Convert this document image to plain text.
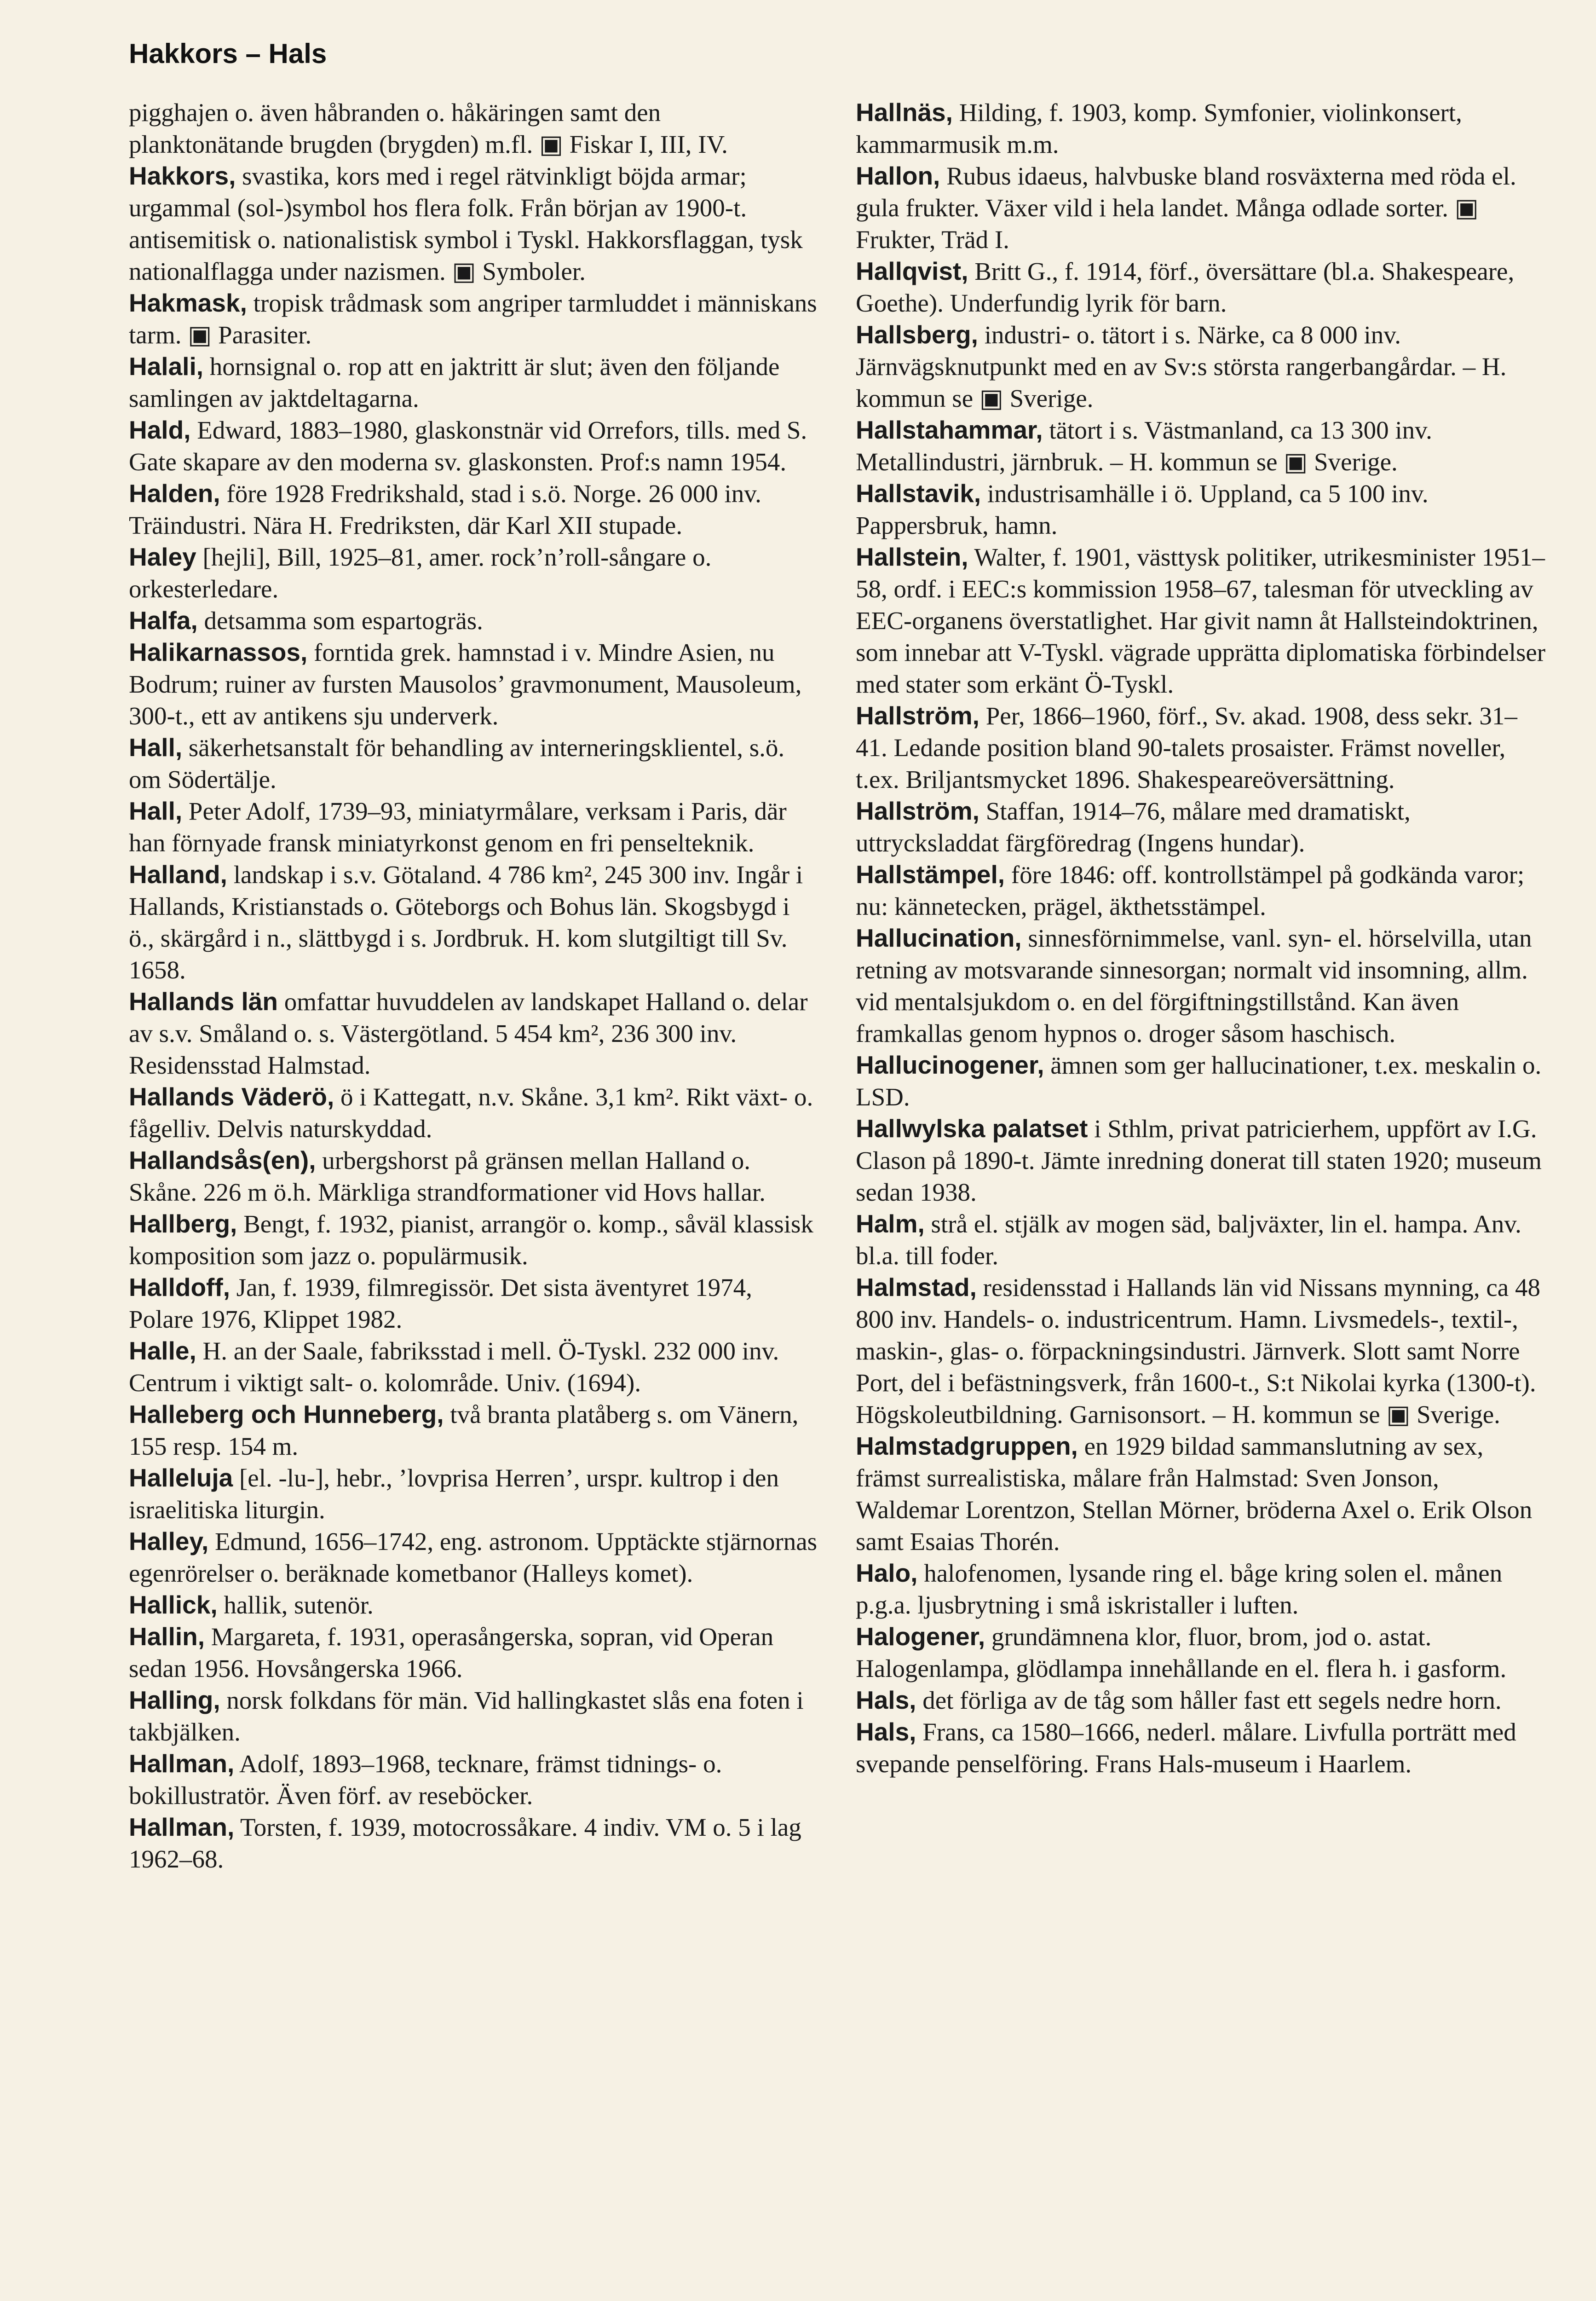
Hakkors – Hals

pigghajen o. även håbranden o. håkäringen samt den planktonätande brugden (brygden) m.fl. ▣ Fiskar I, III, IV.

Hakkors, svastika, kors med i regel rätvinkligt böjda armar; urgammal (sol-)symbol hos flera folk. Från början av 1900-t. antisemitisk o. nationalistisk symbol i Tyskl. Hakkorsflaggan, tysk nationalflagga under nazismen. ▣ Symboler.

Hakmask, tropisk trådmask som angriper tarmluddet i människans tarm. ▣ Parasiter.

Halali, hornsignal o. rop att en jaktritt är slut; även den följande samlingen av jaktdeltagarna.

Hald, Edward, 1883–1980, glaskonstnär vid Orrefors, tills. med S. Gate skapare av den moderna sv. glaskonsten. Prof:s namn 1954.

Halden, före 1928 Fredrikshald, stad i s.ö. Norge. 26 000 inv. Träindustri. Nära H. Fredriksten, där Karl XII stupade.

Haley [hejli], Bill, 1925–81, amer. rock’n’roll-sångare o. orkesterledare.

Halfa, detsamma som espartogräs.

Halikarnassos, forntida grek. hamnstad i v. Mindre Asien, nu Bodrum; ruiner av fursten Mausolos’ gravmonument, Mausoleum, 300-t., ett av antikens sju underverk.

Hall, säkerhetsanstalt för behandling av interneringsklientel, s.ö. om Södertälje.

Hall, Peter Adolf, 1739–93, miniatyrmålare, verksam i Paris, där han förnyade fransk miniatyrkonst genom en fri penselteknik.

Halland, landskap i s.v. Götaland. 4 786 km², 245 300 inv. Ingår i Hallands, Kristianstads o. Göteborgs och Bohus län. Skogsbygd i ö., skärgård i n., slättbygd i s. Jordbruk. H. kom slutgiltigt till Sv. 1658.

Hallands län omfattar huvuddelen av landskapet Halland o. delar av s.v. Småland o. s. Västergötland. 5 454 km², 236 300 inv. Residensstad Halmstad.

Hallands Väderö, ö i Kattegatt, n.v. Skåne. 3,1 km². Rikt växt- o. fågelliv. Delvis naturskyddad.

Hallandsås(en), urbergshorst på gränsen mellan Halland o. Skåne. 226 m ö.h. Märkliga strandformationer vid Hovs hallar.

Hallberg, Bengt, f. 1932, pianist, arrangör o. komp., såväl klassisk komposition som jazz o. populärmusik.

Halldoff, Jan, f. 1939, filmregissör. Det sista äventyret 1974, Polare 1976, Klippet 1982.

Halle, H. an der Saale, fabriksstad i mell. Ö-Tyskl. 232 000 inv. Centrum i viktigt salt- o. kolområde. Univ. (1694).

Halleberg och Hunneberg, två branta platåberg s. om Vänern, 155 resp. 154 m.

Halleluja [el. -lu-], hebr., ’lovprisa Herren’, urspr. kultrop i den israelitiska liturgin.

Halley, Edmund, 1656–1742, eng. astronom. Upptäckte stjärnornas egenrörelser o. beräknade kometbanor (Halleys komet).

Hallick, hallik, sutenör.

Hallin, Margareta, f. 1931, operasångerska, sopran, vid Operan sedan 1956. Hovsångerska 1966.

Halling, norsk folkdans för män. Vid hallingkastet slås ena foten i takbjälken.

Hallman, Adolf, 1893–1968, tecknare, främst tidnings- o. bokillustratör. Även förf. av reseböcker.

Hallman, Torsten, f. 1939, motocrossåkare. 4 indiv. VM o. 5 i lag 1962–68.

Hallnäs, Hilding, f. 1903, komp. Symfonier, violinkonsert, kammarmusik m.m.

Hallon, Rubus idaeus, halvbuske bland rosväxterna med röda el. gula frukter. Växer vild i hela landet. Många odlade sorter. ▣ Frukter, Träd I.

Hallqvist, Britt G., f. 1914, förf., översättare (bl.a. Shakespeare, Goethe). Underfundig lyrik för barn.

Hallsberg, industri- o. tätort i s. Närke, ca 8 000 inv. Järnvägsknutpunkt med en av Sv:s största rangerbangårdar. – H. kommun se ▣ Sverige.

Hallstahammar, tätort i s. Västmanland, ca 13 300 inv. Metallindustri, järnbruk. – H. kommun se ▣ Sverige.

Hallstavik, industrisamhälle i ö. Uppland, ca 5 100 inv. Pappersbruk, hamn.

Hallstein, Walter, f. 1901, västtysk politiker, utrikesminister 1951–58, ordf. i EEC:s kommission 1958–67, talesman för utveckling av EEC-organens överstatlighet. Har givit namn åt Hallsteindoktrinen, som innebar att V-Tyskl. vägrade upprätta diplomatiska förbindelser med stater som erkänt Ö-Tyskl.

Hallström, Per, 1866–1960, förf., Sv. akad. 1908, dess sekr. 31–41. Ledande position bland 90-talets prosaister. Främst noveller, t.ex. Briljantsmycket 1896. Shakespeareöversättning.

Hallström, Staffan, 1914–76, målare med dramatiskt, uttrycksladdat färgföredrag (Ingens hundar).

Hallstämpel, före 1846: off. kontrollstämpel på godkända varor; nu: kännetecken, prägel, äkthetsstämpel.

Hallucination, sinnesförnimmelse, vanl. syn- el. hörselvilla, utan retning av motsvarande sinnesorgan; normalt vid insomning, allm. vid mentalsjukdom o. en del förgiftningstillstånd. Kan även framkallas genom hypnos o. droger såsom haschisch.

Hallucinogener, ämnen som ger hallucinationer, t.ex. meskalin o. LSD.

Hallwylska palatset i Sthlm, privat patricierhem, uppfört av I.G. Clason på 1890-t. Jämte inredning donerat till staten 1920; museum sedan 1938.

Halm, strå el. stjälk av mogen säd, baljväxter, lin el. hampa. Anv. bl.a. till foder.

Halmstad, residensstad i Hallands län vid Nissans mynning, ca 48 800 inv. Handels- o. industricentrum. Hamn. Livsmedels-, textil-, maskin-, glas- o. förpackningsindustri. Järnverk. Slott samt Norre Port, del i befästningsverk, från 1600-t., S:t Nikolai kyrka (1300-t). Högskoleutbildning. Garnisonsort. – H. kommun se ▣ Sverige.

Halmstadgruppen, en 1929 bildad sammanslutning av sex, främst surrealistiska, målare från Halmstad: Sven Jonson, Waldemar Lorentzon, Stellan Mörner, bröderna Axel o. Erik Olson samt Esaias Thorén.

Halo, halofenomen, lysande ring el. båge kring solen el. månen p.g.a. ljusbrytning i små iskristaller i luften.

Halogener, grundämnena klor, fluor, brom, jod o. astat. Halogenlampa, glödlampa innehållande en el. flera h. i gasform.

Hals, det förliga av de tåg som håller fast ett segels nedre horn.

Hals, Frans, ca 1580–1666, nederl. målare. Livfulla porträtt med svepande penselföring. Frans Hals-museum i Haarlem.
